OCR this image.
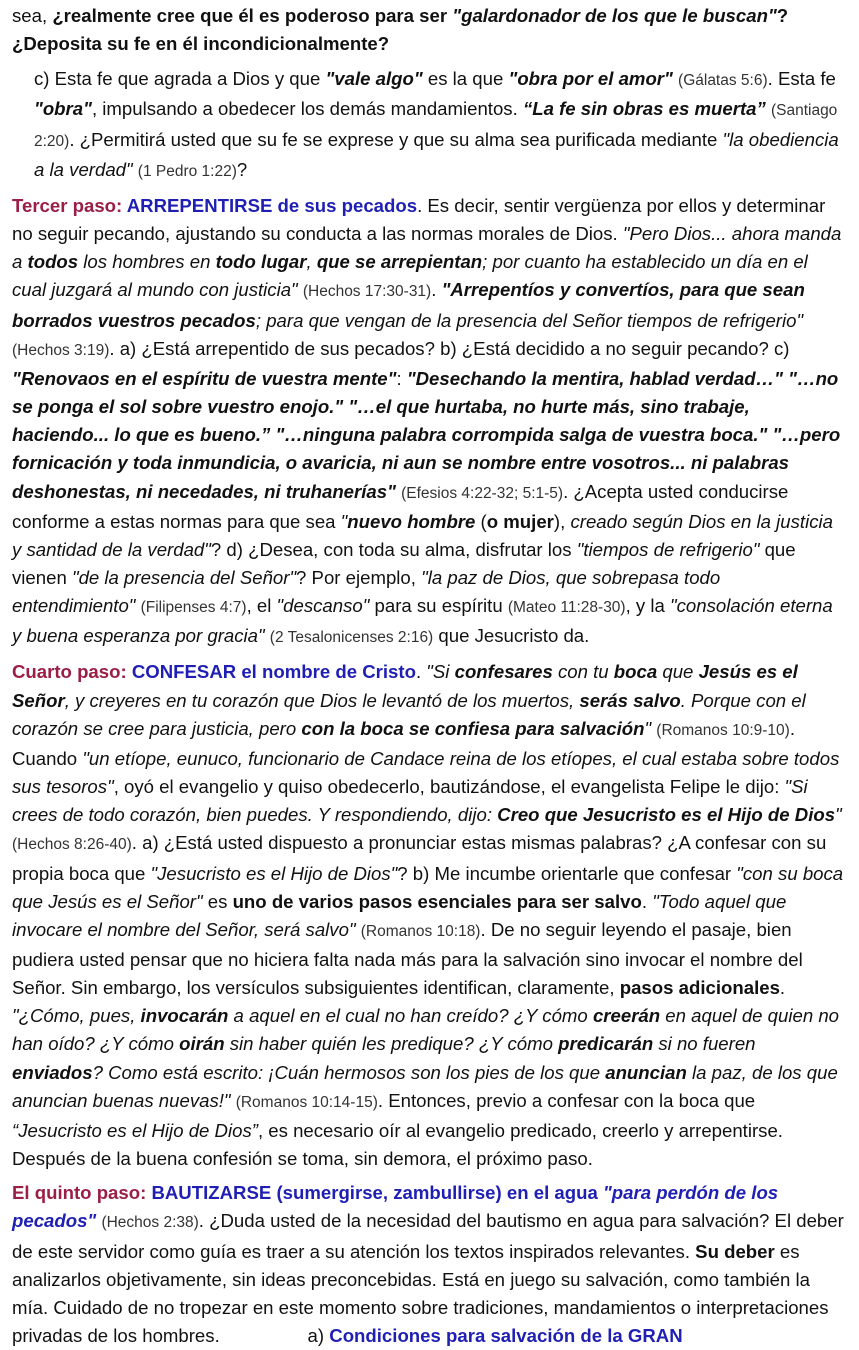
sea, ¿realmente cree que él es poderoso para ser "galardonador de los que le buscan"? ¿Deposita su fe en él incondicionalmente?

c) Esta fe que agrada a Dios y que "vale algo" es la que "obra por el amor" (Gálatas 5:6). Esta fe "obra", impulsando a obedecer los demás mandamientos. “La fe sin obras es muerta” (Santiago 2:20). ¿Permitirá usted que su fe se exprese y que su alma sea purificada mediante "la obediencia a la verdad" (1 Pedro 1:22)?

Tercer paso: ARREPENTIRSE de sus pecados. Es decir, sentir vergüenza por ellos y determinar no seguir pecando, ajustando su conducta a las normas morales de Dios. "Pero Dios... ahora manda a todos los hombres en todo lugar, que se arrepientan; por cuanto ha establecido un día en el cual juzgará al mundo con justicia" (Hechos 17:30-31). "Arrepentíos y convertíos, para que sean borrados vuestros pecados; para que vengan de la presencia del Señor tiempos de refrigerio" (Hechos 3:19). a) ¿Está arrepentido de sus pecados? b) ¿Está decidido a no seguir pecando? c) "Renovaos en el espíritu de vuestra mente": "Desechando la mentira, hablad verdad…" "…no se ponga el sol sobre vuestro enojo." "…el que hurtaba, no hurte más, sino trabaje, haciendo... lo que es bueno.” "…ninguna palabra corrompida salga de vuestra boca." "…pero fornicación y toda inmundicia, o avaricia, ni aun se nombre entre vosotros... ni palabras deshonestas, ni necedades, ni truhanerías" (Efesios 4:22-32; 5:1-5). ¿Acepta usted conducirse conforme a estas normas para que sea "nuevo hombre (o mujer), creado según Dios en la justicia y santidad de la verdad"? d) ¿Desea, con toda su alma, disfrutar los "tiempos de refrigerio" que vienen "de la presencia del Señor"? Por ejemplo, "la paz de Dios, que sobrepasa todo entendimiento" (Filipenses 4:7), el "descanso" para su espíritu (Mateo 11:28-30), y la "consolación eterna y buena esperanza por gracia" (2 Tesalonicenses 2:16) que Jesucristo da.

Cuarto paso: CONFESAR el nombre de Cristo. "Si confesares con tu boca que Jesús es el Señor, y creyeres en tu corazón que Dios le levantó de los muertos, serás salvo. Porque con el corazón se cree para justicia, pero con la boca se confiesa para salvación" (Romanos 10:9-10). Cuando "un etíope, eunuco, funcionario de Candace reina de los etíopes, el cual estaba sobre todos sus tesoros", oyó el evangelio y quiso obedecerlo, bautizándose, el evangelista Felipe le dijo: "Si crees de todo corazón, bien puedes. Y respondiendo, dijo: Creo que Jesucristo es el Hijo de Dios" (Hechos 8:26-40). a) ¿Está usted dispuesto a pronunciar estas mismas palabras? ¿A confesar con su propia boca que "Jesucristo es el Hijo de Dios"? b) Me incumbe orientarle que confesar "con su boca que Jesús es el Señor" es uno de varios pasos esenciales para ser salvo. "Todo aquel que invocare el nombre del Señor, será salvo" (Romanos 10:18). De no seguir leyendo el pasaje, bien pudiera usted pensar que no hiciera falta nada más para la salvación sino invocar el nombre del Señor. Sin embargo, los versículos subsiguientes identifican, claramente, pasos adicionales. "¿Cómo, pues, invocarán a aquel en el cual no han creído? ¿Y cómo creerán en aquel de quien no han oído? ¿Y cómo oirán sin haber quién les predique? ¿Y cómo predicarán si no fueren enviados? Como está escrito: ¡Cuán hermosos son los pies de los que anuncian la paz, de los que anuncian buenas nuevas!" (Romanos 10:14-15). Entonces, previo a confesar con la boca que “Jesucristo es el Hijo de Dios”, es necesario oír al evangelio predicado, creerlo y arrepentirse. Después de la buena confesión se toma, sin demora, el próximo paso.

El quinto paso: BAUTIZARSE (sumergirse, zambullirse) en el agua "para perdón de los pecados" (Hechos 2:38). ¿Duda usted de la necesidad del bautismo en agua para salvación? El deber de este servidor como guía es traer a su atención los textos inspirados relevantes. Su deber es analizarlos objetivamente, sin ideas preconcebidas. Está en juego su salvación, como también la mía. Cuidado de no tropezar en este momento sobre tradiciones, mandamientos o interpretaciones privadas de los hombres.                 a) Condiciones para salvación de la GRAN
